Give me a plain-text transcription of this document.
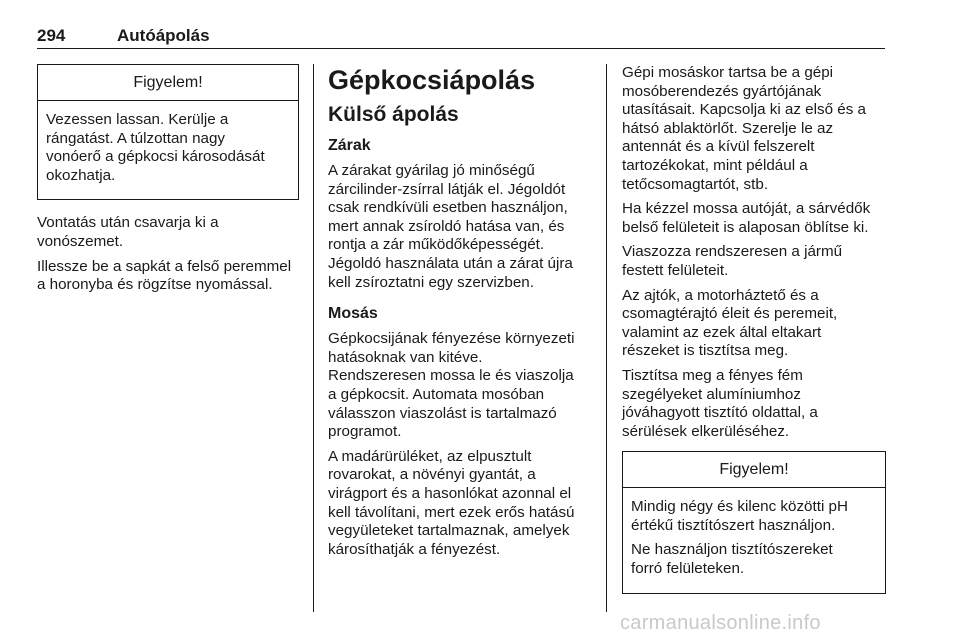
294	Autóápolás
Figyelem!

Vezessen lassan. Kerülje a
rángatást. A túlzottan nagy
vonóerő a gépkocsi károsodását
okozhatja.

Vontatás után csavarja ki a
vonószemet.

Illessze be a sapkát a felső peremmel
a horonyba és rögzítse nyomással.

Gépkocsiápolás
Külső ápolás
Zárak

A zárakat gyárilag jó minőségű
zárcilinder-zsírral látják el. Jégoldót
csak rendkívüli esetben használjon,
mert annak zsíroldó hatása van, és
rontja a zár működőképességét.
Jégoldó használata után a zárat újra
kell zsíroztatni egy szervizben.

Mosás

Gépkocsijának fényezése környezeti
hatásoknak van kitéve.
Rendszeresen mossa le és viaszolja
a gépkocsit. Automata mosóban
válasszon viaszolást is tartalmazó
programot.

A madárürüléket, az elpusztult
rovarokat, a növényi gyantát, a
virágport és a hasonlókat azonnal el
kell távolítani, mert ezek erős hatású
vegyületeket tartalmaznak, amelyek
károsíthatják a fényezést.

Gépi mosáskor tartsa be a gépi
mosóberendezés gyártójának
utasításait. Kapcsolja ki az első és a
hátsó ablaktörlőt. Szerelje le az
antennát és a kívül felszerelt
tartozékokat, mint például a
tetőcsomagtartót, stb.

Ha kézzel mossa autóját, a sárvédők
belső felületeit is alaposan öblítse ki.

Viaszozza rendszeresen a jármű
festett felületeit.

Az ajtók, a motorháztető és a
csomagtérajtó éleit és peremeit,
valamint az ezek által eltakart
részeket is tisztítsa meg.

Tisztítsa meg a fényes fém
szegélyeket alumíniumhoz
jóváhagyott tisztító oldattal, a
sérülések elkerüléséhez.

Figyelem!

Mindig négy és kilenc közötti pH
értékű tisztítószert használjon.

Ne használjon tisztítószereket
forró felületeken.

carmanualsonline.info
